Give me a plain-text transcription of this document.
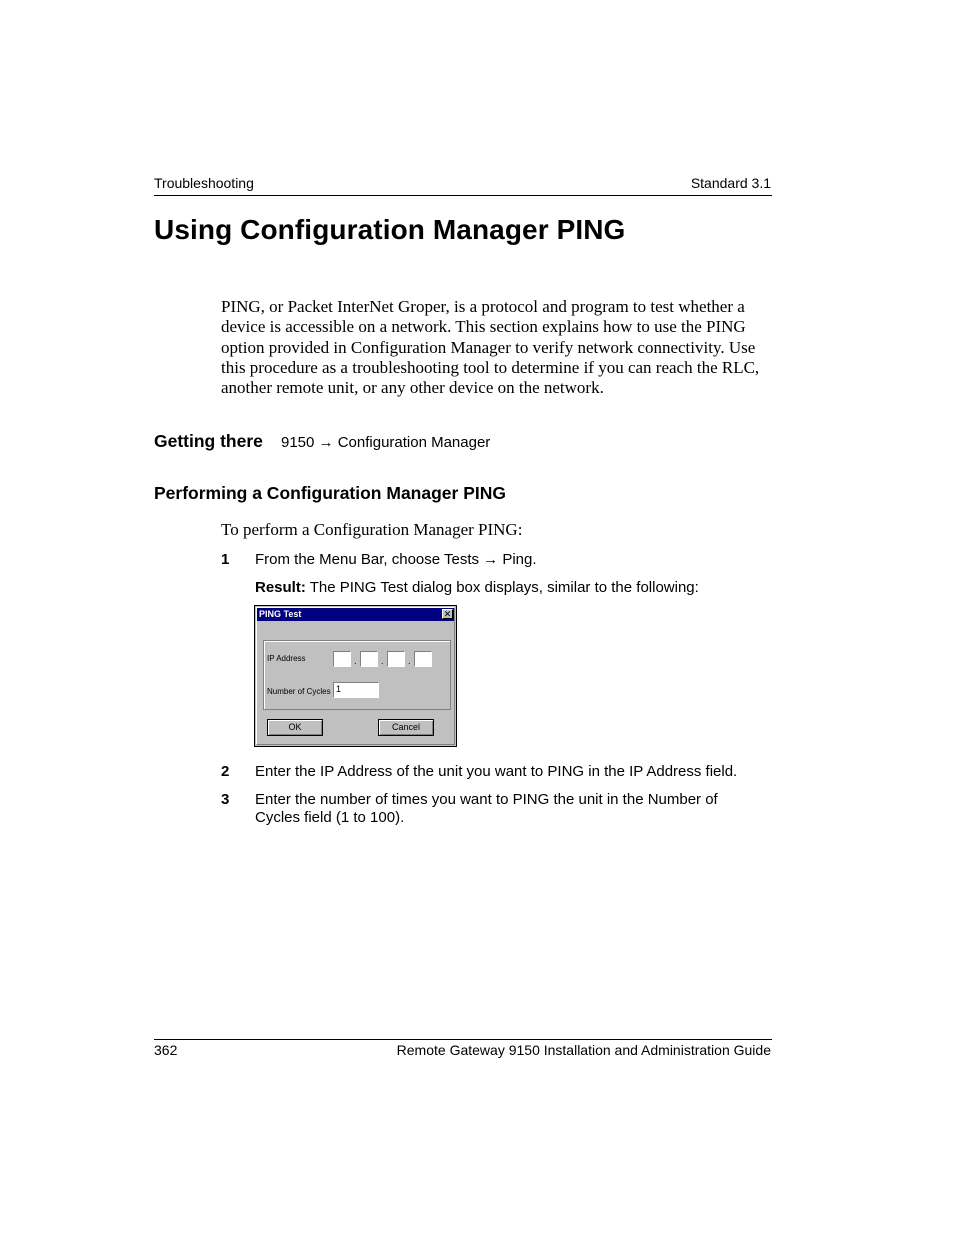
Troubleshooting	Standard 3.1
Using Configuration Manager PING
PING, or Packet InterNet Groper, is a protocol and program to test whether a
device is accessible on a network. This section explains how to use the PING
option provided in Configuration Manager to verify network connectivity. Use
this procedure as a troubleshooting tool to determine if you can reach the RLC,
another remote unit, or any other device on the network.
Getting there 9150 → Configuration Manager
Performing a Configuration Manager PING
To perform a Configuration Manager PING:
1 From the Menu Bar, choose Tests → Ping.
Result: The PING Test dialog box displays, similar to the following:
PING Test	✕
IP Address	.	.	.
Number of Cycles 1
OK	Cancel
2 Enter the IP Address of the unit you want to PING in the IP Address field.
3 Enter the number of times you want to PING the unit in the Number of Cycles field (1 to 100).
362	Remote Gateway 9150 Installation and Administration Guide
